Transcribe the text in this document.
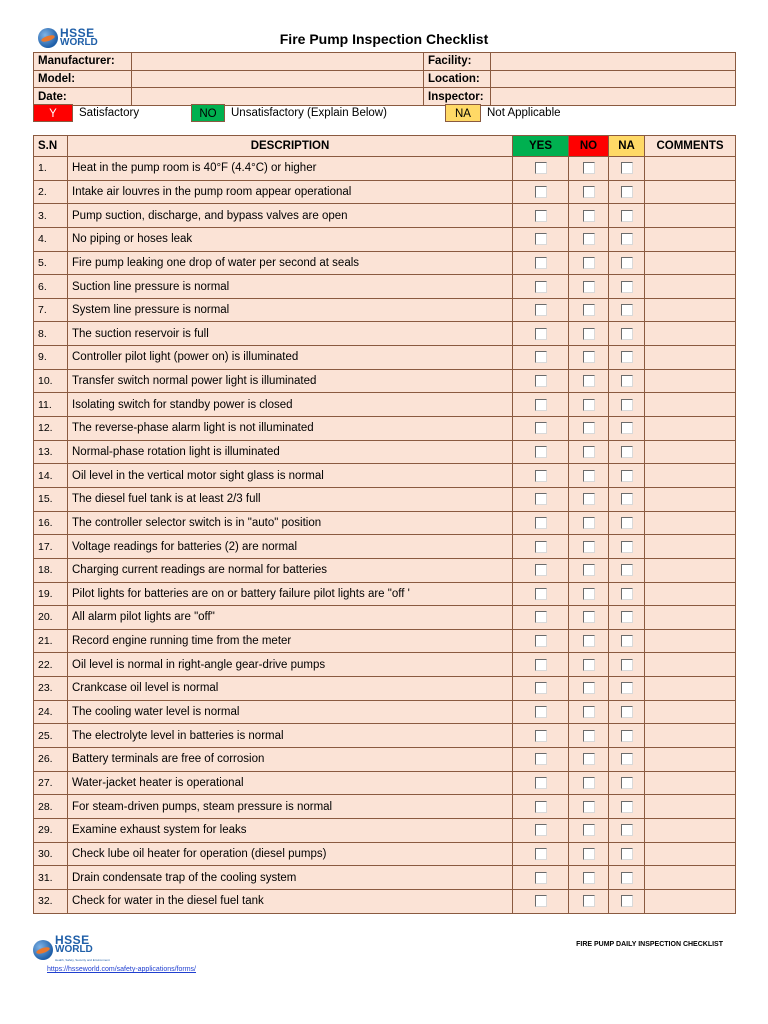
HSSE
WORLD	Fire Pump Inspection Checklist
Manufacturer:		Facility:	
Model:		Location:	
Date:		Inspector:	
Y	Satisfactory	NO	Unsatisfactory (Explain Below)	NA	Not Applicable
S.N	DESCRIPTION	YES	NO	NA	COMMENTS
1.	Heat in the pump room is 40°F (4.4°C) or higher				
2.	Intake air louvres in the pump room appear operational				
3.	Pump suction, discharge, and bypass valves are open				
4.	No piping or hoses leak				
5.	Fire pump leaking one drop of water per second at seals				
6.	Suction line pressure is normal				
7.	System line pressure is normal				
8.	The suction reservoir is full				
9.	Controller pilot light (power on) is illuminated				
10.	Transfer switch normal power light is illuminated				
11.	Isolating switch for standby power is closed				
12.	The reverse-phase alarm light is not illuminated				
13.	Normal-phase rotation light is illuminated				
14.	Oil level in the vertical motor sight glass is normal				
15.	The diesel fuel tank is at least 2/3 full				
16.	The controller selector switch is in "auto" position				
17.	Voltage readings for batteries (2) are normal				
18.	Charging current readings are normal for batteries				
19.	Pilot lights for batteries are on or battery failure pilot lights are "off '				
20.	All alarm pilot lights are "off"				
21.	Record engine running time from the meter				
22.	Oil level is normal in right-angle gear-drive pumps				
23.	Crankcase oil level is normal				
24.	The cooling water level is normal				
25.	The electrolyte level in batteries is normal				
26.	Battery terminals are free of corrosion				
27.	Water-jacket heater is operational				
28.	For steam-driven pumps, steam pressure is normal				
29.	Examine exhaust system for leaks				
30.	Check lube oil heater for operation (diesel pumps)				
31.	Drain condensate trap of the cooling system				
32.	Check for water in the diesel fuel tank				
HSSE
WORLD
Health, Safety, Security and Environment
FIRE PUMP DAILY INSPECTION CHECKLIST
https://hsseworld.com/safety-applications/forms/
